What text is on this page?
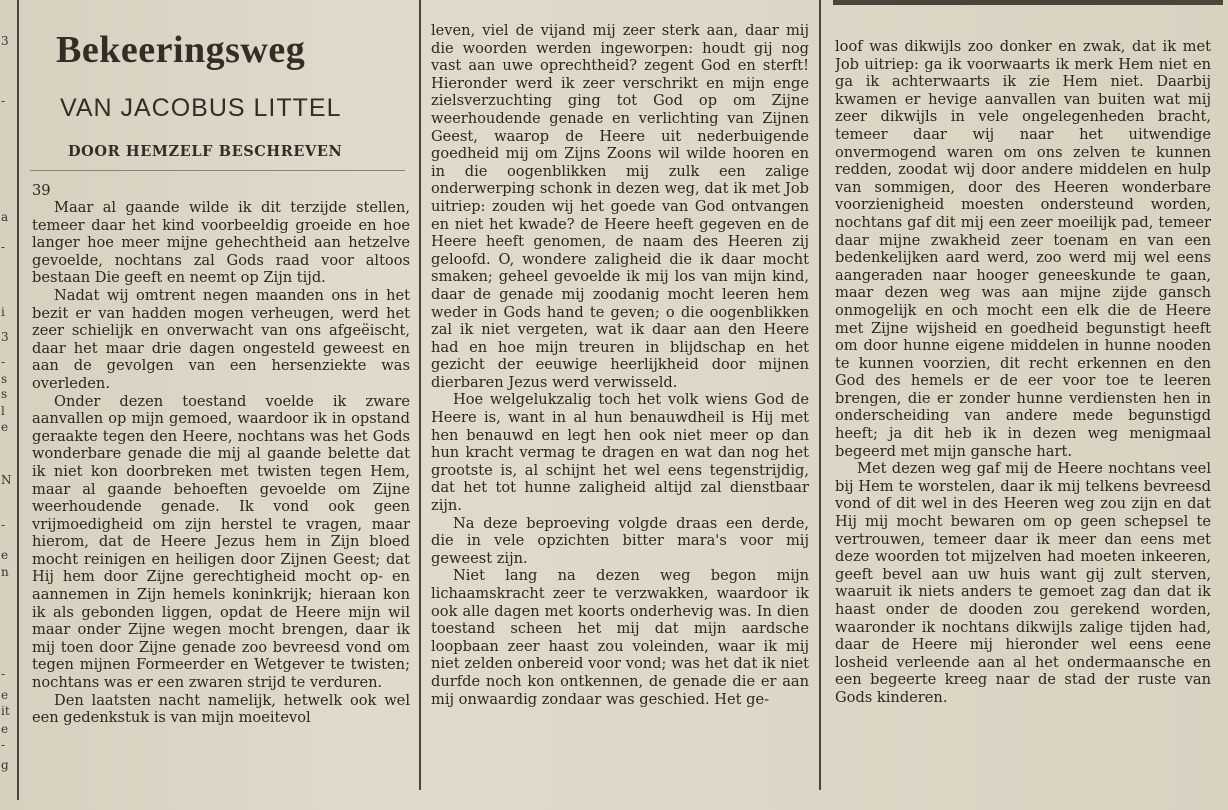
3
-
a
-
i
3
-
s
s
l
e
N
-
e
n
-
e
it
e
-
g
Bekeeringsweg
VAN JACOBUS LITTEL
DOOR HEMZELF BESCHREVEN
39

Maar al gaande wilde ik dit terzijde stellen, temeer daar het kind voorbeeldig groeide en hoe langer hoe meer mijne gehechtheid aan hetzelve gevoelde, nochtans zal Gods raad voor altoos bestaan Die geeft en neemt op Zijn tijd.

Nadat wij omtrent negen maanden ons in het bezit er van hadden mogen verheugen, werd het zeer schielijk en onverwacht van ons afgeëischt, daar het maar drie dagen ongesteld geweest en aan de gevolgen van een hersenziekte was overleden.

Onder dezen toestand voelde ik zware aanvallen op mijn gemoed, waardoor ik in opstand geraakte tegen den Heere, nochtans was het Gods wonderbare genade die mij al gaande belette dat ik niet kon doorbreken met twisten tegen Hem, maar al gaande behoeften gevoelde om Zijne weerhoudende genade. Ik vond ook geen vrijmoedigheid om zijn herstel te vragen, maar hierom, dat de Heere Jezus hem in Zijn bloed mocht reinigen en heiligen door Zijnen Geest; dat Hij hem door Zijne gerechtigheid mocht op- en aannemen in Zijn hemels koninkrijk; hieraan kon ik als gebonden liggen, opdat de Heere mijn wil maar onder Zijne wegen mocht brengen, daar ik mij toen door Zijne genade zoo bevreesd vond om tegen mijnen Formeerder en Wetgever te twisten; nochtans was er een zwaren strijd te verduren.

Den laatsten nacht namelijk, hetwelk ook wel een gedenkstuk is van mijn moeitevol

leven, viel de vijand mij zeer sterk aan, daar mij die woorden werden ingeworpen: houdt gij nog vast aan uwe oprechtheid? zegent God en sterft! Hieronder werd ik zeer verschrikt en mijn enge zielsverzuchting ging tot God op om Zijne weerhoudende genade en verlichting van Zijnen Geest, waarop de Heere uit nederbuigende goedheid mij om Zijns Zoons wil wilde hooren en in die oogenblikken mij zulk een zalige onderwerping schonk in dezen weg, dat ik met Job uitriep: zouden wij het goede van God ontvangen en niet het kwade? de Heere heeft gegeven en de Heere heeft genomen, de naam des Heeren zij geloofd. O, wondere zaligheid die ik daar mocht smaken; geheel gevoelde ik mij los van mijn kind, daar de genade mij zoodanig mocht leeren hem weder in Gods hand te geven; o die oogenblikken zal ik niet vergeten, wat ik daar aan den Heere had en hoe mijn treuren in blijdschap en het gezicht der eeuwige heerlijkheid door mijnen dierbaren Jezus werd verwisseld.

Hoe welgelukzalig toch het volk wiens God de Heere is, want in al hun benauwdheil is Hij met hen benauwd en legt hen ook niet meer op dan hun kracht vermag te dragen en wat dan nog het grootste is, al schijnt het wel eens tegenstrijdig, dat het tot hunne zaligheid altijd zal dienstbaar zijn.

Na deze beproeving volgde draas een derde, die in vele opzichten bitter mara's voor mij geweest zijn.

Niet lang na dezen weg begon mijn lichaamskracht zeer te verzwakken, waardoor ik ook alle dagen met koorts onderhevig was. In dien toestand scheen het mij dat mijn aardsche loopbaan zeer haast zou voleinden, waar ik mij niet zelden onbereid voor vond; was het dat ik niet durfde noch kon ontkennen, de genade die er aan mij onwaardig zondaar was geschied. Het ge-

loof was dikwijls zoo donker en zwak, dat ik met Job uitriep: ga ik voorwaarts ik merk Hem niet en ga ik achterwaarts ik zie Hem niet. Daarbij kwamen er hevige aanvallen van buiten wat mij zeer dikwijls in vele ongelegenheden bracht, temeer daar wij naar het uitwendige onvermogend waren om ons zelven te kunnen redden, zoodat wij door andere middelen en hulp van sommigen, door des Heeren wonderbare voorzienigheid moesten ondersteund worden, nochtans gaf dit mij een zeer moeilijk pad, temeer daar mijne zwakheid zeer toenam en van een bedenkelijken aard werd, zoo werd mij wel eens aangeraden naar hooger geneeskunde te gaan, maar dezen weg was aan mijne zijde gansch onmogelijk en och mocht een elk die de Heere met Zijne wijsheid en goedheid begunstigt heeft om door hunne eigene middelen in hunne nooden te kunnen voorzien, dit recht erkennen en den God des hemels er de eer voor toe te leeren brengen, die er zonder hunne verdiensten hen in onderscheiding van andere mede begunstigd heeft; ja dit heb ik in dezen weg menigmaal begeerd met mijn gansche hart.

Met dezen weg gaf mij de Heere nochtans veel bij Hem te worstelen, daar ik mij telkens bevreesd vond of dit wel in des Heeren weg zou zijn en dat Hij mij mocht bewaren om op geen schepsel te vertrouwen, temeer daar ik meer dan eens met deze woorden tot mijzelven had moeten inkeeren, geeft bevel aan uw huis want gij zult sterven, waaruit ik niets anders te gemoet zag dan dat ik haast onder de dooden zou gerekend worden, waaronder ik nochtans dikwijls zalige tijden had, daar de Heere mij hieronder wel eens eene losheid verleende aan al het ondermaansche en een begeerte kreeg naar de stad der ruste van Gods kinderen.
